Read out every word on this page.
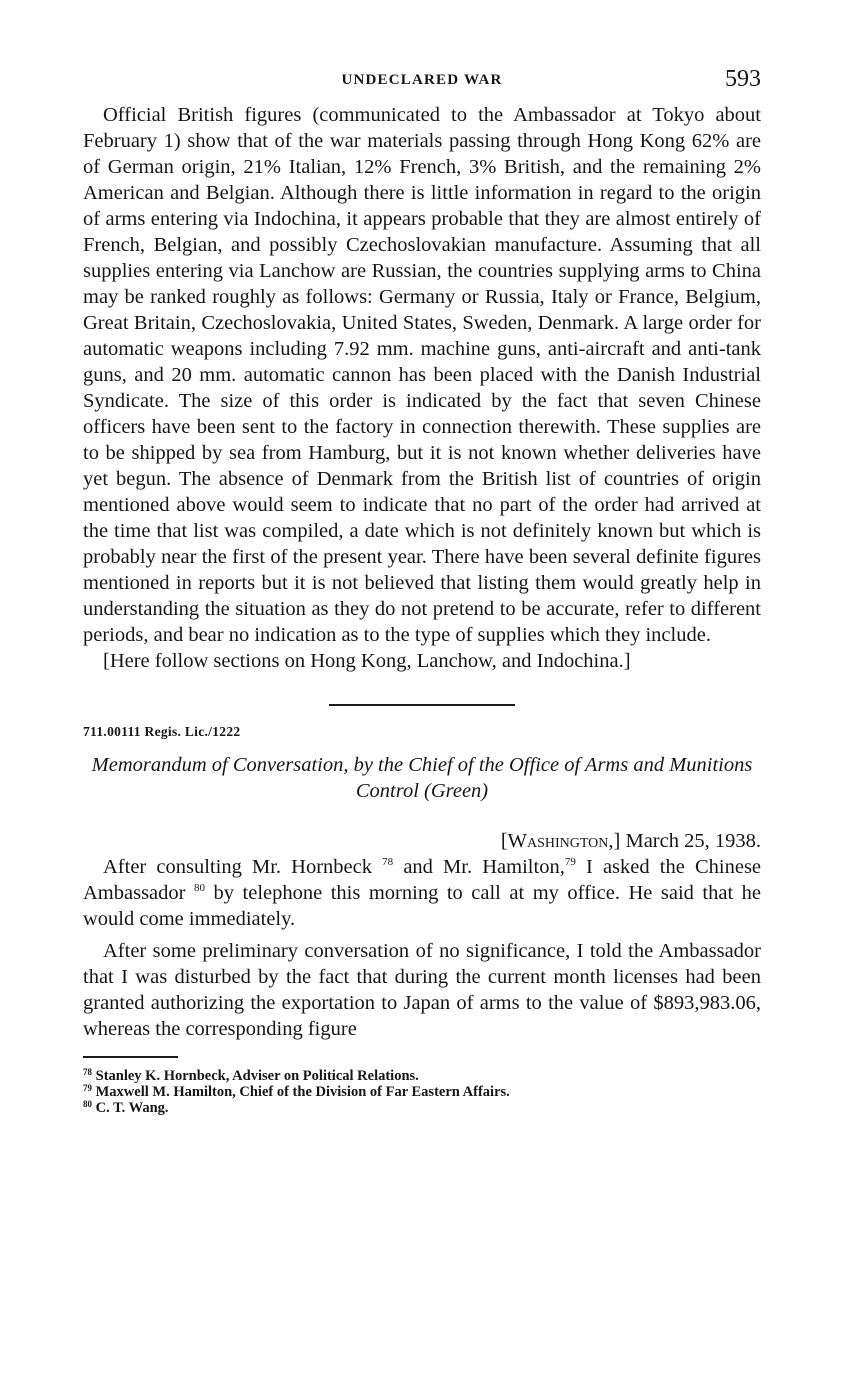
UNDECLARED WAR	593

Official British figures (communicated to the Ambassador at Tokyo about February 1) show that of the war materials passing through Hong Kong 62% are of German origin, 21% Italian, 12% French, 3% British, and the remaining 2% American and Belgian. Although there is little information in regard to the origin of arms entering via Indochina, it appears probable that they are almost entirely of French, Belgian, and possibly Czechoslovakian manufacture. Assuming that all supplies entering via Lanchow are Russian, the countries supplying arms to China may be ranked roughly as follows: Germany or Russia, Italy or France, Belgium, Great Britain, Czechoslovakia, United States, Sweden, Denmark. A large order for automatic weapons including 7.92 mm. machine guns, anti-aircraft and anti-tank guns, and 20 mm. automatic cannon has been placed with the Danish Industrial Syndicate. The size of this order is indicated by the fact that seven Chinese officers have been sent to the factory in connection therewith. These supplies are to be shipped by sea from Hamburg, but it is not known whether deliveries have yet begun. The absence of Denmark from the British list of countries of origin mentioned above would seem to indicate that no part of the order had arrived at the time that list was compiled, a date which is not definitely known but which is probably near the first of the present year. There have been several definite figures mentioned in reports but it is not believed that listing them would greatly help in understanding the situation as they do not pretend to be accurate, refer to different periods, and bear no indication as to the type of supplies which they include.

[Here follow sections on Hong Kong, Lanchow, and Indochina.]

711.00111 Regis. Lic./1222
Memorandum of Conversation, by the Chief of the Office of Arms and Munitions Control (Green)
[Washington,] March 25, 1938.

After consulting Mr. Hornbeck $^{78}$ and Mr. Hamilton,$^{79}$ I asked the Chinese Ambassador $^{80}$ by telephone this morning to call at my office. He said that he would come immediately.

After some preliminary conversation of no significance, I told the Ambassador that I was disturbed by the fact that during the current month licenses had been granted authorizing the exportation to Japan of arms to the value of $893,983.06, whereas the corresponding figure

$^{78}$ Stanley K. Hornbeck, Adviser on Political Relations.
$^{79}$ Maxwell M. Hamilton, Chief of the Division of Far Eastern Affairs.
$^{80}$ C. T. Wang.
